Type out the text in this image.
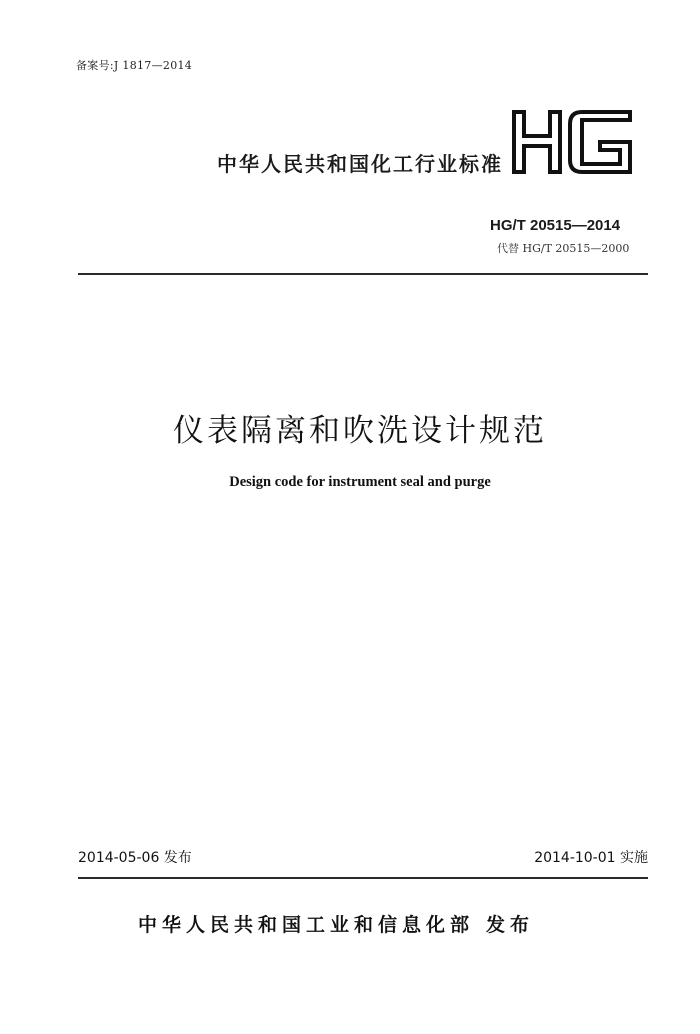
备案号:J 1817—2014
中华人民共和国化工行业标准
HG/T 20515—2014
代替 HG/T 20515—2000
仪表隔离和吹洗设计规范
Design code for instrument seal and purge
2014-05-06 发布	2014-10-01 实施
中华人民共和国工业和信息化部 发布
